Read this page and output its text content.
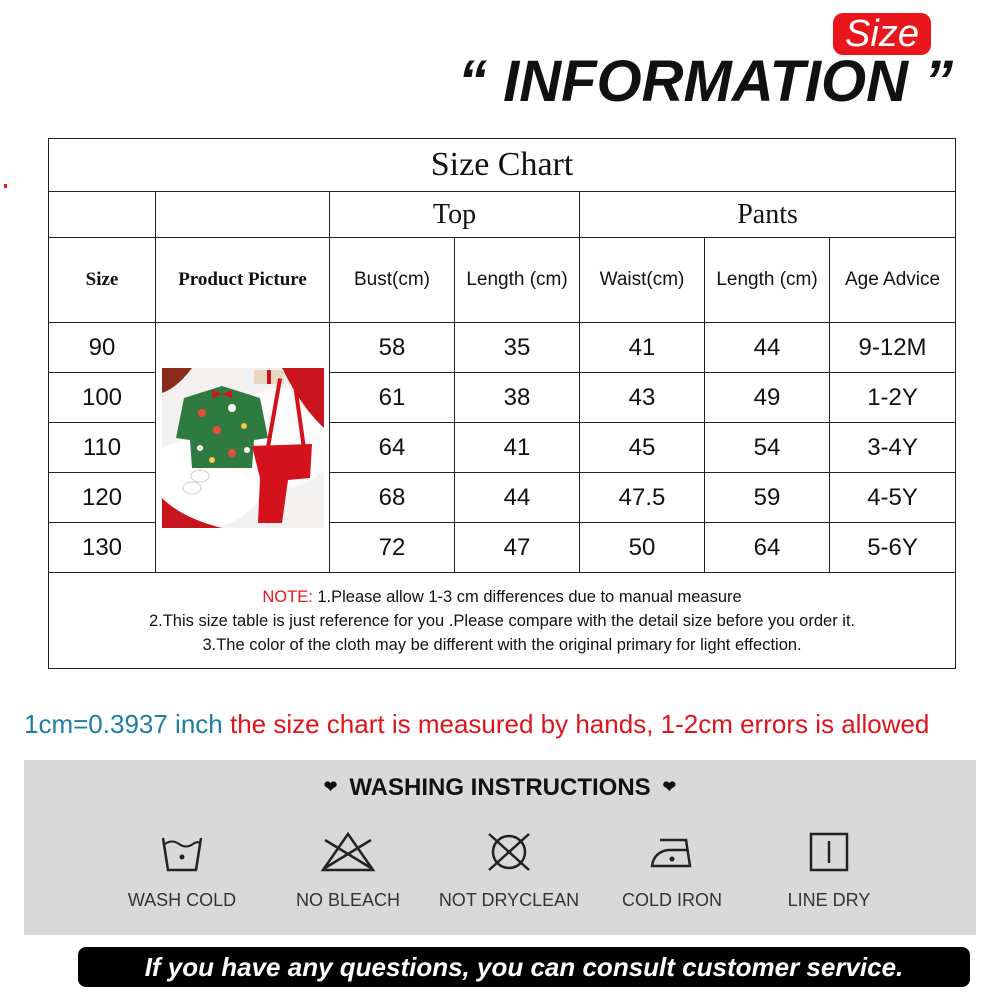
Size
“ INFORMATION ”
Size Chart						
		Top		Pants		
Size	Product Picture	Bust(cm)	Length (cm)	Waist(cm)	Length (cm)	Age Advice
90		58	35	41	44	9-12M
100		61	38	43	49	1-2Y
110		64	41	45	54	3-4Y
120		68	44	47.5	59	4-5Y
130		72	47	50	64	5-6Y
NOTE: 1.Please allow 1-3 cm differences due to manual measure
2.This size table is just reference for you .Please compare with the detail size before you order it.
3.The color of the cloth may be different with the original primary for light effection.						
1cm=0.3937 inch the size chart is measured by hands, 1-2cm errors is allowed
❤ WASHING INSTRUCTIONS ❤
WASH COLD	NO BLEACH	NOT DRYCLEAN	COLD IRON	LINE DRY
If you have any questions, you can consult customer service.
